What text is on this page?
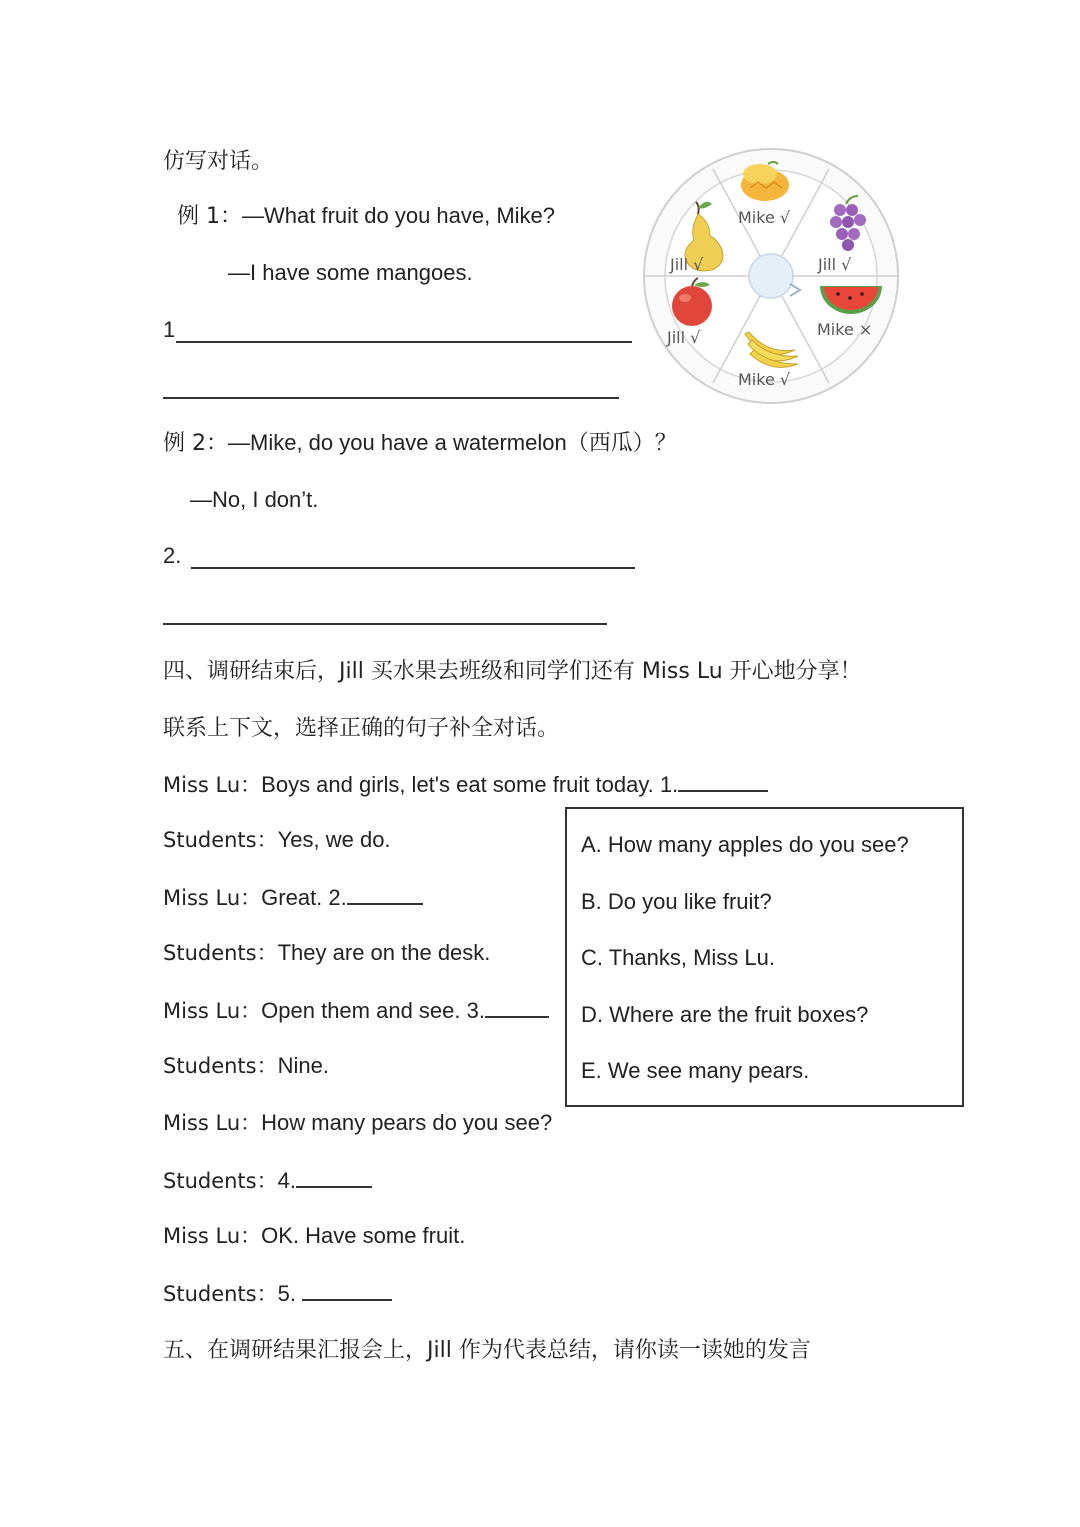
仿写对话。
例 1：—What fruit do you have, Mike?
—I have some mangoes.
1
例 2：—Mike, do you have a watermelon（西瓜）？
—No, I don’t.
2.
Mike √
Jill √
Mike ×
Mike √
Jill √
Jill √
四、调研结束后，Jill 买水果去班级和同学们还有 Miss Lu 开心地分享！
联系上下文，选择正确的句子补全对话。
Miss Lu：Boys and girls, let's eat some fruit today. 1.
Students：Yes, we do.
Miss Lu：Great. 2.
Students：They are on the desk.
Miss Lu：Open them and see. 3.
Students：Nine.
Miss Lu：How many pears do you see?
Students：4.
Miss Lu：OK. Have some fruit.
Students：5.
A. How many apples do you see?
B. Do you like fruit?
C. Thanks, Miss Lu.
D. Where are the fruit boxes?
E. We see many pears.
五、在调研结果汇报会上，Jill 作为代表总结，请你读一读她的发言
